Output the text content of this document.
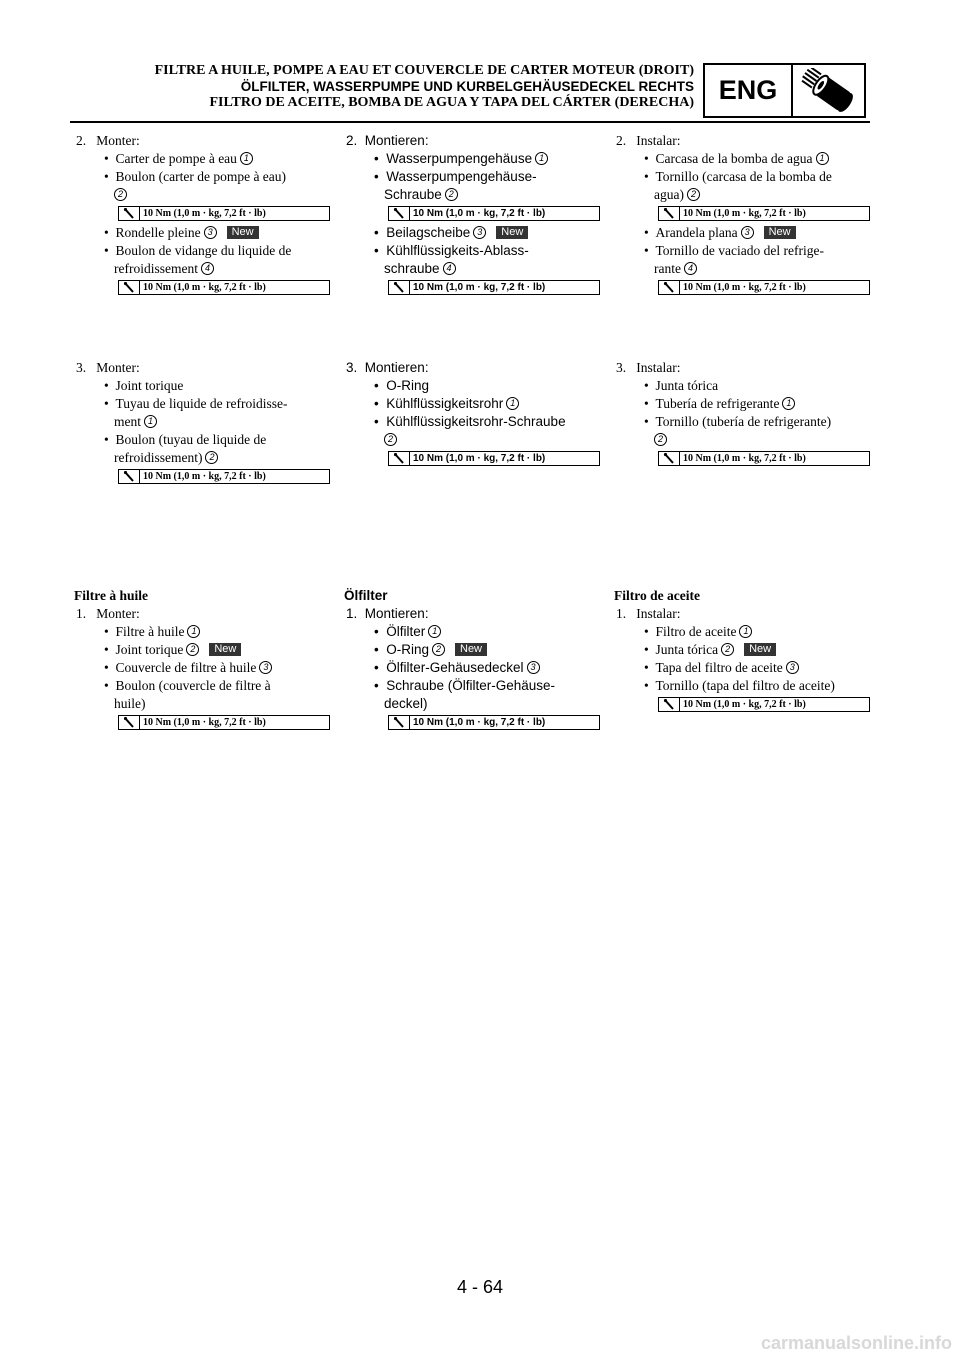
FILTRE A HUILE, POMPE A EAU ET COUVERCLE DE CARTER MOTEUR (DROIT)
ÖLFILTER, WASSERPUMPE UND KURBELGEHÄUSEDECKEL RECHTS
FILTRO DE ACEITE, BOMBA DE AGUA Y TAPA DEL CÁRTER (DERECHA) ENG
2. Monter:
•  Carter de pompe à eau 1
•  Boulon (carter de pompe à eau)
2
10 Nm (1,0 m · kg, 7,2 ft · lb)
•  Rondelle pleine 3 New
•  Boulon de vidange du liquide de
refroidissement 4
10 Nm (1,0 m · kg, 7,2 ft · lb)
3. Monter:
•  Joint torique
•  Tuyau de liquide de refroidisse-
ment 1
•  Boulon (tuyau de liquide de
refroidissement) 2
10 Nm (1,0 m · kg, 7,2 ft · lb)
Filtre à huile
1. Monter:
•  Filtre à huile 1
•  Joint torique 2 New
•  Couvercle de filtre à huile 3
•  Boulon (couvercle de filtre à
huile)
10 Nm (1,0 m · kg, 7,2 ft · lb)
2. Montieren:
•  Wasserpumpengehäuse 1
•  Wasserpumpengehäuse-
Schraube 2
10 Nm (1,0 m · kg, 7,2 ft · lb)
•  Beilagscheibe 3 New
•  Kühlflüssigkeits-Ablass-
schraube 4
10 Nm (1,0 m · kg, 7,2 ft · lb)
3. Montieren:
•  O-Ring
•  Kühlflüssigkeitsrohr 1
•  Kühlflüssigkeitsrohr-Schraube
2
10 Nm (1,0 m · kg, 7,2 ft · lb)
Ölfilter
1. Montieren:
•  Ölfilter 1
•  O-Ring 2 New
•  Ölfilter-Gehäusedeckel 3
•  Schraube (Ölfilter-Gehäuse-
deckel)
10 Nm (1,0 m · kg, 7,2 ft · lb)
2. Instalar:
•  Carcasa de la bomba de agua 1
•  Tornillo (carcasa de la bomba de
agua) 2
10 Nm (1,0 m · kg, 7,2 ft · lb)
•  Arandela plana 3 New
•  Tornillo de vaciado del refrige-
rante 4
10 Nm (1,0 m · kg, 7,2 ft · lb)
3. Instalar:
•  Junta tórica
•  Tubería de refrigerante 1
•  Tornillo (tubería de refrigerante)
2
10 Nm (1,0 m · kg, 7,2 ft · lb)
Filtro de aceite
1. Instalar:
•  Filtro de aceite 1
•  Junta tórica 2 New
•  Tapa del filtro de aceite 3
•  Tornillo (tapa del filtro de aceite)
10 Nm (1,0 m · kg, 7,2 ft · lb)
4 - 64
carmanualsonline.info
